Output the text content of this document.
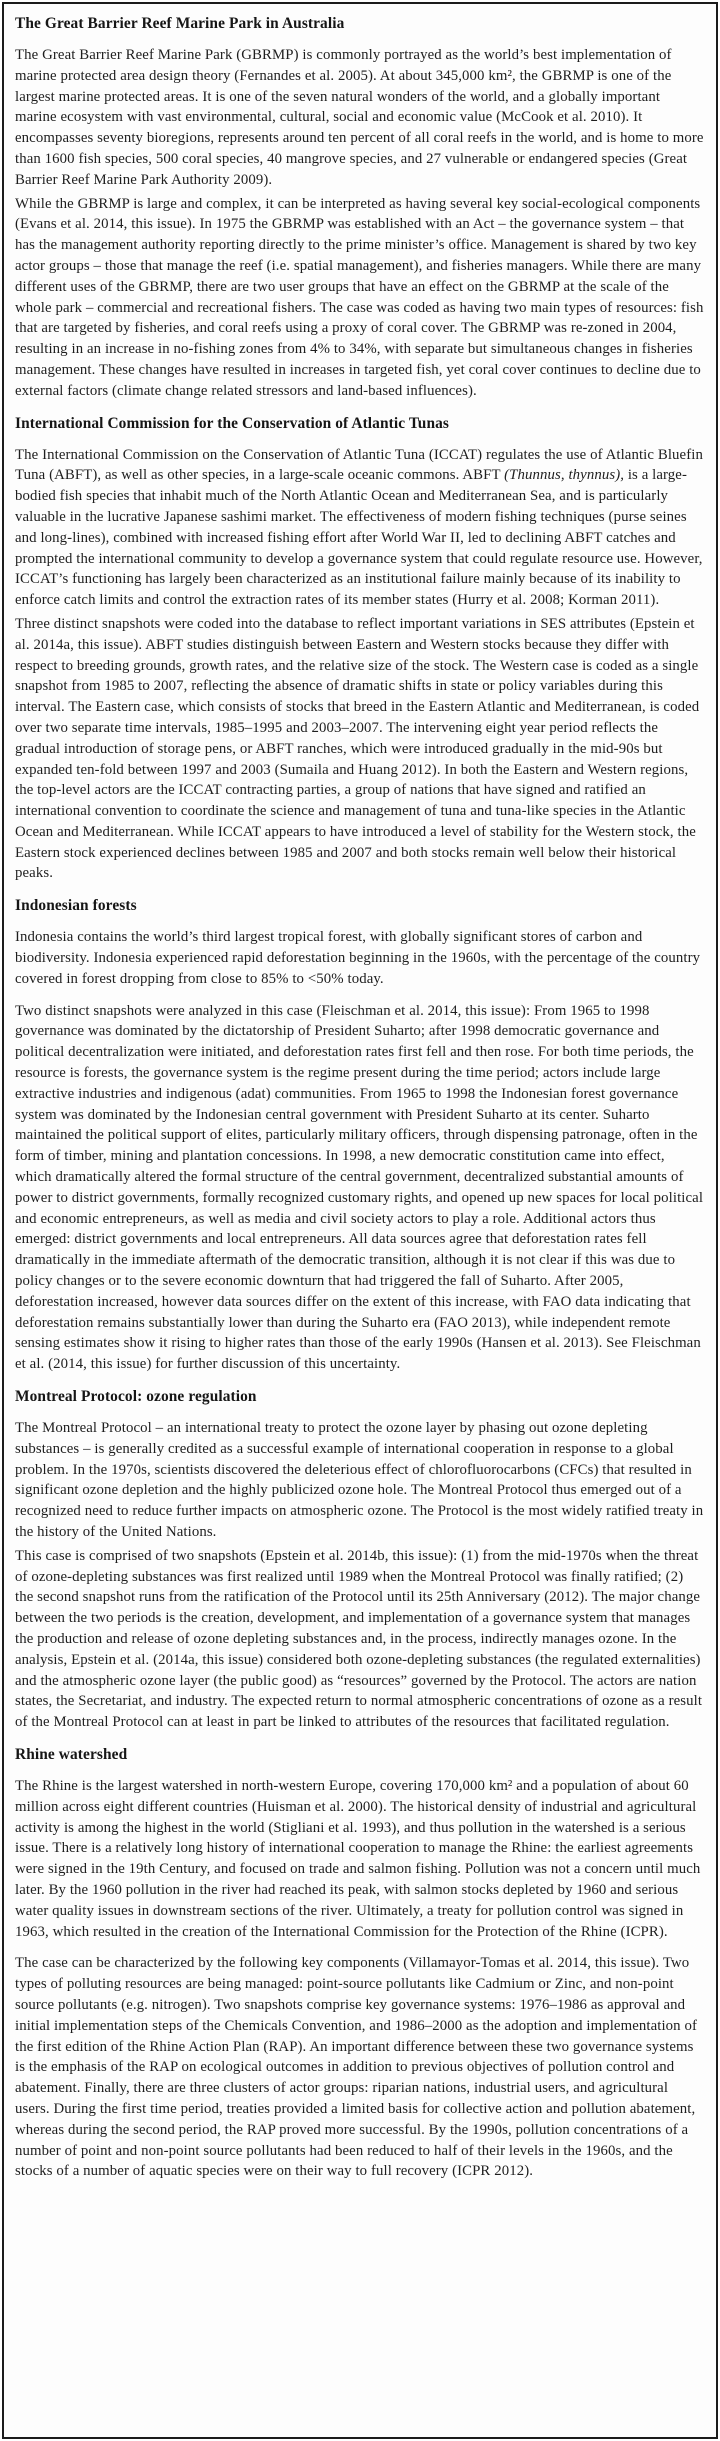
The Great Barrier Reef Marine Park in Australia

The Great Barrier Reef Marine Park (GBRMP) is commonly portrayed as the world’s best implementation of marine protected area design theory (Fernandes et al. 2005). At about 345,000 km², the GBRMP is one of the largest marine protected areas. It is one of the seven natural wonders of the world, and a globally important marine ecosystem with vast environmental, cultural, social and economic value (McCook et al. 2010). It encompasses seventy bioregions, represents around ten percent of all coral reefs in the world, and is home to more than 1600 fish species, 500 coral species, 40 mangrove species, and 27 vulnerable or endangered species (Great Barrier Reef Marine Park Authority 2009).

While the GBRMP is large and complex, it can be interpreted as having several key social-ecological components (Evans et al. 2014, this issue). In 1975 the GBRMP was established with an Act – the governance system – that has the management authority reporting directly to the prime minister’s office. Management is shared by two key actor groups – those that manage the reef (i.e. spatial management), and fisheries managers. While there are many different uses of the GBRMP, there are two user groups that have an effect on the GBRMP at the scale of the whole park – commercial and recreational fishers. The case was coded as having two main types of resources: fish that are targeted by fisheries, and coral reefs using a proxy of coral cover. The GBRMP was re-zoned in 2004, resulting in an increase in no-fishing zones from 4% to 34%, with separate but simultaneous changes in fisheries management. These changes have resulted in increases in targeted fish, yet coral cover continues to decline due to external factors (climate change related stressors and land-based influences).

International Commission for the Conservation of Atlantic Tunas

The International Commission on the Conservation of Atlantic Tuna (ICCAT) regulates the use of Atlantic Bluefin Tuna (ABFT), as well as other species, in a large-scale oceanic commons. ABFT (Thunnus, thynnus), is a large-bodied fish species that inhabit much of the North Atlantic Ocean and Mediterranean Sea, and is particularly valuable in the lucrative Japanese sashimi market. The effectiveness of modern fishing techniques (purse seines and long-lines), combined with increased fishing effort after World War II, led to declining ABFT catches and prompted the international community to develop a governance system that could regulate resource use. However, ICCAT’s functioning has largely been characterized as an institutional failure mainly because of its inability to enforce catch limits and control the extraction rates of its member states (Hurry et al. 2008; Korman 2011).

Three distinct snapshots were coded into the database to reflect important variations in SES attributes (Epstein et al. 2014a, this issue). ABFT studies distinguish between Eastern and Western stocks because they differ with respect to breeding grounds, growth rates, and the relative size of the stock. The Western case is coded as a single snapshot from 1985 to 2007, reflecting the absence of dramatic shifts in state or policy variables during this interval. The Eastern case, which consists of stocks that breed in the Eastern Atlantic and Mediterranean, is coded over two separate time intervals, 1985–1995 and 2003–2007. The intervening eight year period reflects the gradual introduction of storage pens, or ABFT ranches, which were introduced gradually in the mid-90s but expanded ten-fold between 1997 and 2003 (Sumaila and Huang 2012). In both the Eastern and Western regions, the top-level actors are the ICCAT contracting parties, a group of nations that have signed and ratified an international convention to coordinate the science and management of tuna and tuna-like species in the Atlantic Ocean and Mediterranean. While ICCAT appears to have introduced a level of stability for the Western stock, the Eastern stock experienced declines between 1985 and 2007 and both stocks remain well below their historical peaks.

Indonesian forests

Indonesia contains the world’s third largest tropical forest, with globally significant stores of carbon and biodiversity. Indonesia experienced rapid deforestation beginning in the 1960s, with the percentage of the country covered in forest dropping from close to 85% to <50% today.

Two distinct snapshots were analyzed in this case (Fleischman et al. 2014, this issue): From 1965 to 1998 governance was dominated by the dictatorship of President Suharto; after 1998 democratic governance and political decentralization were initiated, and deforestation rates first fell and then rose. For both time periods, the resource is forests, the governance system is the regime present during the time period; actors include large extractive industries and indigenous (adat) communities. From 1965 to 1998 the Indonesian forest governance system was dominated by the Indonesian central government with President Suharto at its center. Suharto maintained the political support of elites, particularly military officers, through dispensing patronage, often in the form of timber, mining and plantation concessions. In 1998, a new democratic constitution came into effect, which dramatically altered the formal structure of the central government, decentralized substantial amounts of power to district governments, formally recognized customary rights, and opened up new spaces for local political and economic entrepreneurs, as well as media and civil society actors to play a role. Additional actors thus emerged: district governments and local entrepreneurs. All data sources agree that deforestation rates fell dramatically in the immediate aftermath of the democratic transition, although it is not clear if this was due to policy changes or to the severe economic downturn that had triggered the fall of Suharto. After 2005, deforestation increased, however data sources differ on the extent of this increase, with FAO data indicating that deforestation remains substantially lower than during the Suharto era (FAO 2013), while independent remote sensing estimates show it rising to higher rates than those of the early 1990s (Hansen et al. 2013). See Fleischman et al. (2014, this issue) for further discussion of this uncertainty.

Montreal Protocol: ozone regulation

The Montreal Protocol – an international treaty to protect the ozone layer by phasing out ozone depleting substances – is generally credited as a successful example of international cooperation in response to a global problem. In the 1970s, scientists discovered the deleterious effect of chlorofluorocarbons (CFCs) that resulted in significant ozone depletion and the highly publicized ozone hole. The Montreal Protocol thus emerged out of a recognized need to reduce further impacts on atmospheric ozone. The Protocol is the most widely ratified treaty in the history of the United Nations.

This case is comprised of two snapshots (Epstein et al. 2014b, this issue): (1) from the mid-1970s when the threat of ozone-depleting substances was first realized until 1989 when the Montreal Protocol was finally ratified; (2) the second snapshot runs from the ratification of the Protocol until its 25th Anniversary (2012). The major change between the two periods is the creation, development, and implementation of a governance system that manages the production and release of ozone depleting substances and, in the process, indirectly manages ozone. In the analysis, Epstein et al. (2014a, this issue) considered both ozone-depleting substances (the regulated externalities) and the atmospheric ozone layer (the public good) as “resources” governed by the Protocol. The actors are nation states, the Secretariat, and industry. The expected return to normal atmospheric concentrations of ozone as a result of the Montreal Protocol can at least in part be linked to attributes of the resources that facilitated regulation.

Rhine watershed

The Rhine is the largest watershed in north-western Europe, covering 170,000 km² and a population of about 60 million across eight different countries (Huisman et al. 2000). The historical density of industrial and agricultural activity is among the highest in the world (Stigliani et al. 1993), and thus pollution in the watershed is a serious issue. There is a relatively long history of international cooperation to manage the Rhine: the earliest agreements were signed in the 19th Century, and focused on trade and salmon fishing. Pollution was not a concern until much later. By the 1960 pollution in the river had reached its peak, with salmon stocks depleted by 1960 and serious water quality issues in downstream sections of the river. Ultimately, a treaty for pollution control was signed in 1963, which resulted in the creation of the International Commission for the Protection of the Rhine (ICPR).

The case can be characterized by the following key components (Villamayor-Tomas et al. 2014, this issue). Two types of polluting resources are being managed: point-source pollutants like Cadmium or Zinc, and non-point source pollutants (e.g. nitrogen). Two snapshots comprise key governance systems: 1976–1986 as approval and initial implementation steps of the Chemicals Convention, and 1986–2000 as the adoption and implementation of the first edition of the Rhine Action Plan (RAP). An important difference between these two governance systems is the emphasis of the RAP on ecological outcomes in addition to previous objectives of pollution control and abatement. Finally, there are three clusters of actor groups: riparian nations, industrial users, and agricultural users. During the first time period, treaties provided a limited basis for collective action and pollution abatement, whereas during the second period, the RAP proved more successful. By the 1990s, pollution concentrations of a number of point and non-point source pollutants had been reduced to half of their levels in the 1960s, and the stocks of a number of aquatic species were on their way to full recovery (ICPR 2012).
